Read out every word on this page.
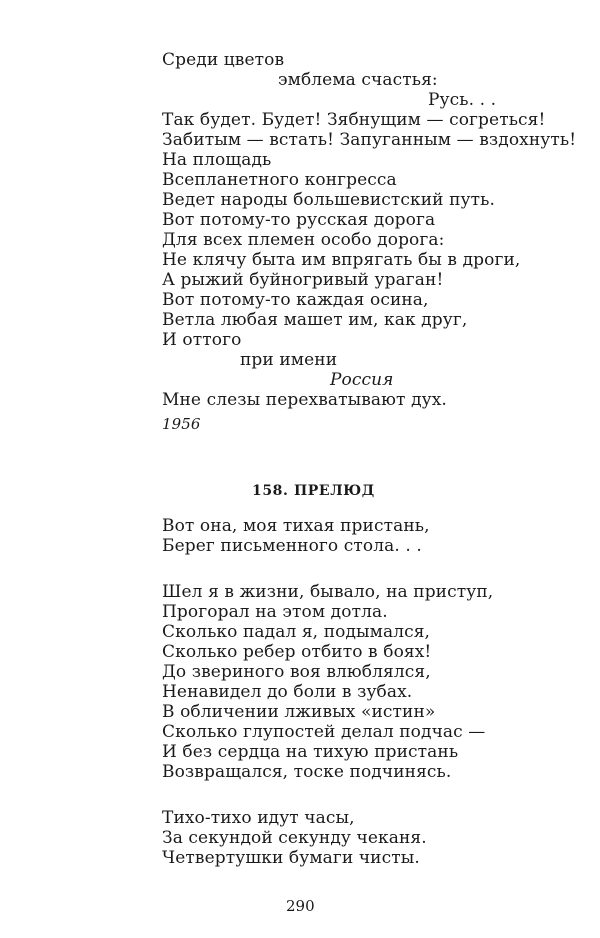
Среди цветов
эмблема счастья:
Русь. . .
Так будет. Будет! Зябнущим — согреться!
Забитым — встать! Запуганным — вздохнуть!
На площадь
Всепланетного конгресса
Ведет народы большевистский путь.
Вот потому-то русская дорога
Для всех племен особо дорога:
Не клячу быта им впрягать бы в дроги,
А рыжий буйногривый ураган!
Вот потому-то каждая осина,
Ветла любая машет им, как друг,
И оттого
при имени
Россия
Мне слезы перехватывают дух.
1956
158. ПРЕЛЮД
Вот она, моя тихая пристань,
Берег письменного стола. . .
Шел я в жизни, бывало, на приступ,
Прогорал на этом дотла.
Сколько падал я, подымался,
Сколько ребер отбито в боях!
До звериного воя влюблялся,
Ненавидел до боли в зубах.
В обличении лживых «истин»
Сколько глупостей делал подчас —
И без сердца на тихую пристань
Возвращался, тоске подчинясь.
Тихо-тихо идут часы,
За секундой секунду чеканя.
Четвертушки бумаги чисты.
290
